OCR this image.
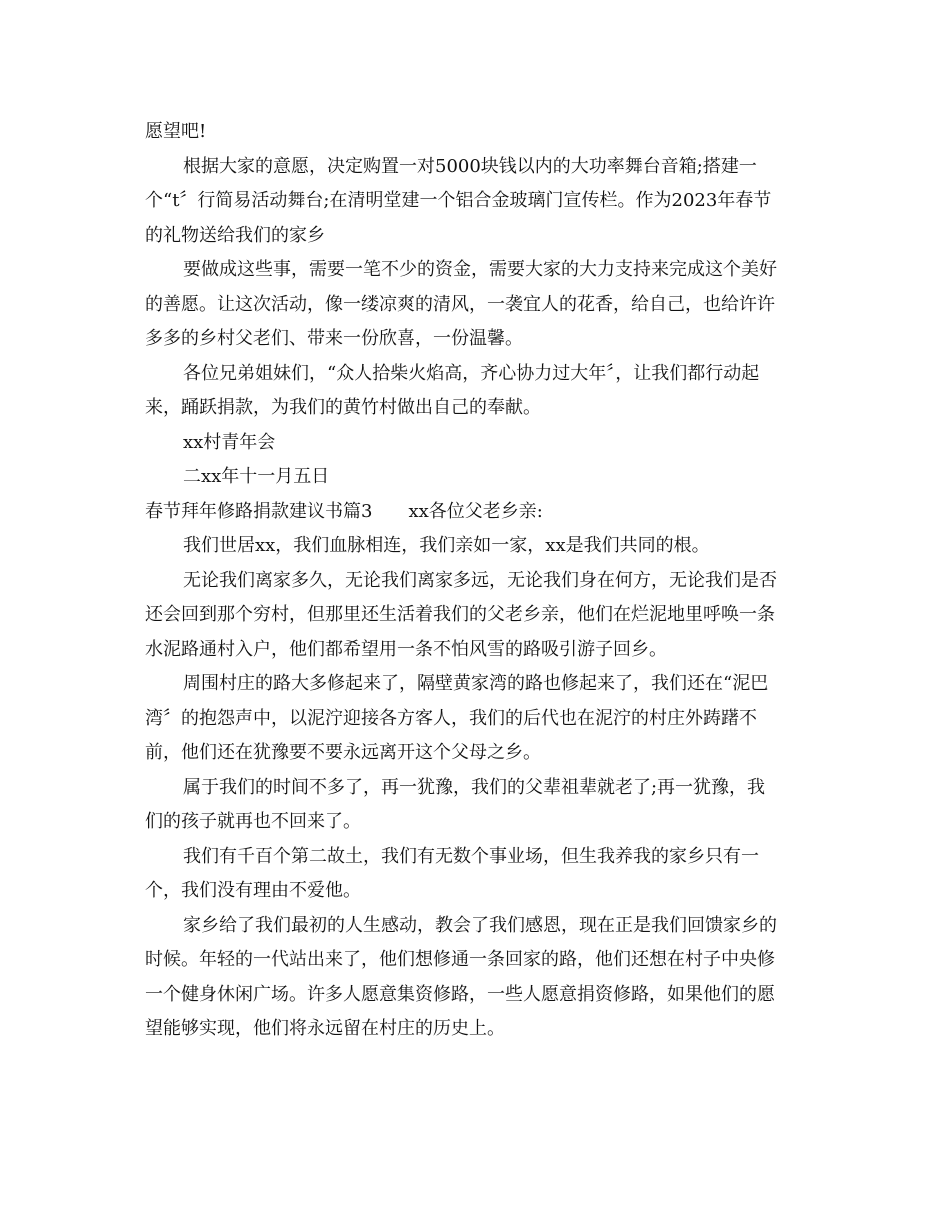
愿望吧!

根据大家的意愿，决定购置一对5000块钱以内的大功率舞台音箱;搭建一

个“t〞行简易活动舞台;在清明堂建一个铝合金玻璃门宣传栏。作为2023年春节

的礼物送给我们的家乡

要做成这些事，需要一笔不少的资金，需要大家的大力支持来完成这个美好

的善愿。让这次活动，像一缕凉爽的清风，一袭宜人的花香，给自己，也给许许

多多的乡村父老们、带来一份欣喜，一份温馨。

各位兄弟姐妹们，“众人拾柴火焰高，齐心协力过大年〞，让我们都行动起

来，踊跃捐款，为我们的黄竹村做出自己的奉献。

xx村青年会

二xx年十一月五日

春节拜年修路捐款建议书篇3　　xx各位父老乡亲:

我们世居xx，我们血脉相连，我们亲如一家，xx是我们共同的根。

无论我们离家多久，无论我们离家多远，无论我们身在何方，无论我们是否

还会回到那个穷村，但那里还生活着我们的父老乡亲，他们在烂泥地里呼唤一条

水泥路通村入户，他们都希望用一条不怕风雪的路吸引游子回乡。

周围村庄的路大多修起来了，隔壁黄家湾的路也修起来了，我们还在“泥巴

湾〞的抱怨声中，以泥泞迎接各方客人，我们的后代也在泥泞的村庄外踌躇不

前，他们还在犹豫要不要永远离开这个父母之乡。

属于我们的时间不多了，再一犹豫，我们的父辈祖辈就老了;再一犹豫，我

们的孩子就再也不回来了。

我们有千百个第二故土，我们有无数个事业场，但生我养我的家乡只有一

个，我们没有理由不爱他。

家乡给了我们最初的人生感动，教会了我们感恩，现在正是我们回馈家乡的

时候。年轻的一代站出来了，他们想修通一条回家的路，他们还想在村子中央修

一个健身休闲广场。许多人愿意集资修路，一些人愿意捐资修路，如果他们的愿

望能够实现，他们将永远留在村庄的历史上。
